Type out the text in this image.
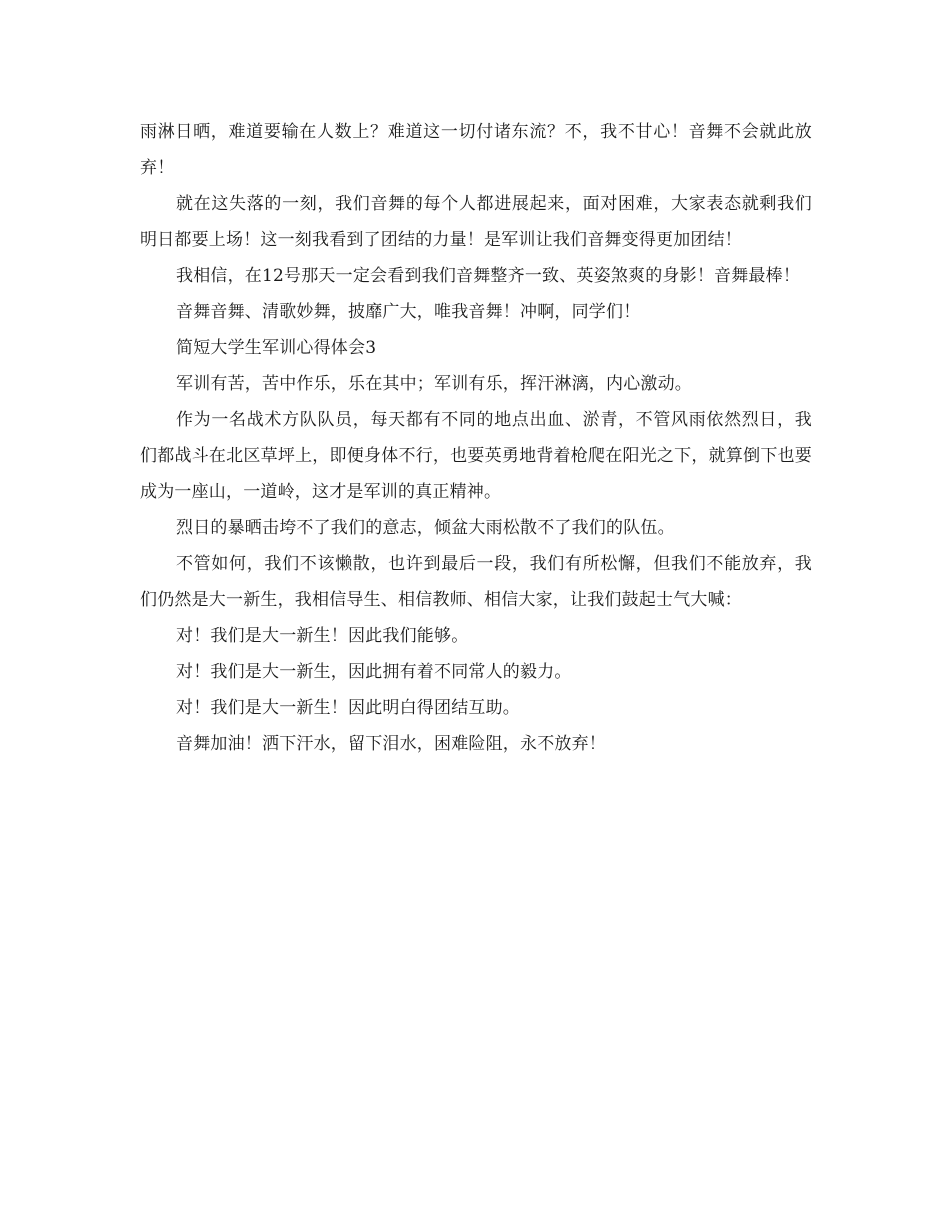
雨淋日晒，难道要输在人数上？难道这一切付诸东流？不，我不甘心！音舞不会就此放弃！

就在这失落的一刻，我们音舞的每个人都进展起来，面对困难，大家表态就剩我们明日都要上场！这一刻我看到了团结的力量！是军训让我们音舞变得更加团结！

我相信，在12号那天一定会看到我们音舞整齐一致、英姿煞爽的身影！音舞最棒！

音舞音舞、清歌妙舞，披靡广大，唯我音舞！冲啊，同学们！

简短大学生军训心得体会3

军训有苦，苦中作乐，乐在其中；军训有乐，挥汗淋漓，内心激动。

作为一名战术方队队员，每天都有不同的地点出血、淤青，不管风雨依然烈日，我们都战斗在北区草坪上，即便身体不行，也要英勇地背着枪爬在阳光之下，就算倒下也要成为一座山，一道岭，这才是军训的真正精神。

烈日的暴晒击垮不了我们的意志，倾盆大雨松散不了我们的队伍。

不管如何，我们不该懒散，也许到最后一段，我们有所松懈，但我们不能放弃，我们仍然是大一新生，我相信导生、相信教师、相信大家，让我们鼓起士气大喊：

对！我们是大一新生！因此我们能够。

对！我们是大一新生，因此拥有着不同常人的毅力。

对！我们是大一新生！因此明白得团结互助。

音舞加油！洒下汗水，留下泪水，困难险阻，永不放弃！
